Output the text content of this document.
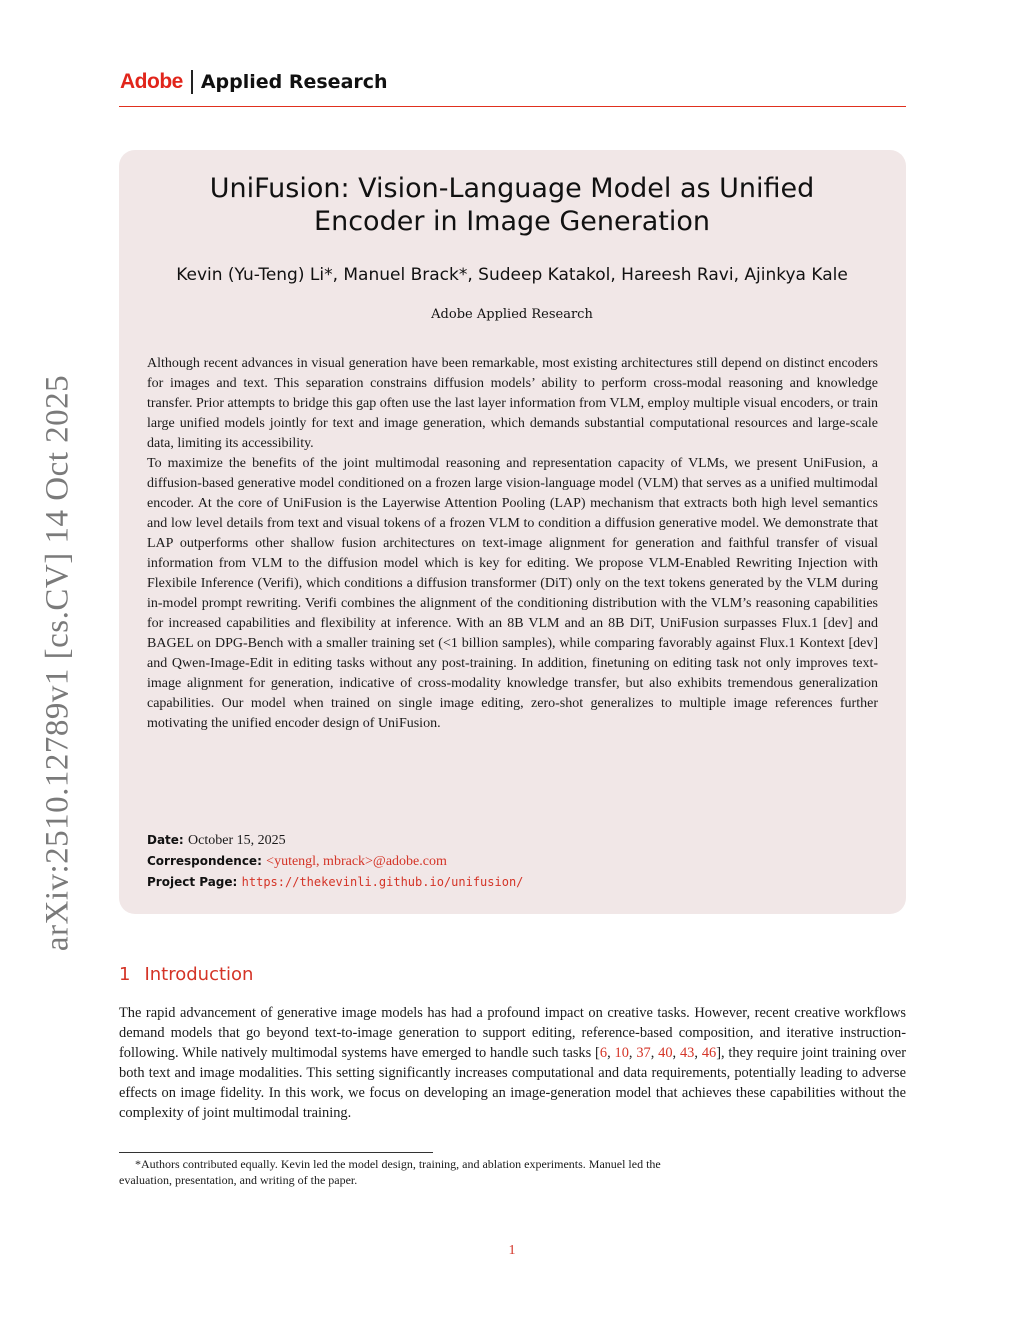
Adobe Applied Research
arXiv:2510.12789v1 [cs.CV] 14 Oct 2025
UniFusion: Vision-Language Model as Unified
Encoder in Image Generation
Kevin (Yu-Teng) Li*, Manuel Brack*, Sudeep Katakol, Hareesh Ravi, Ajinkya Kale
Adobe Applied Research

Although recent advances in visual generation have been remarkable, most existing architectures still depend on distinct encoders for images and text. This separation constrains diffusion models’ ability to perform cross-modal reasoning and knowledge transfer. Prior attempts to bridge this gap often use the last layer information from VLM, employ multiple visual encoders, or train large unified models jointly for text and image generation, which demands substantial computational resources and large-scale data, limiting its accessibility.

To maximize the benefits of the joint multimodal reasoning and representation capacity of VLMs, we present UniFusion, a diffusion-based generative model conditioned on a frozen large vision-language model (VLM) that serves as a unified multimodal encoder. At the core of UniFusion is the Layerwise Attention Pooling (LAP) mechanism that extracts both high level semantics and low level details from text and visual tokens of a frozen VLM to condition a diffusion generative model. We demonstrate that LAP outperforms other shallow fusion architectures on text-image alignment for generation and faithful transfer of visual information from VLM to the diffusion model which is key for editing. We propose VLM-Enabled Rewriting Injection with Flexibile Inference (Verifi), which conditions a diffusion transformer (DiT) only on the text tokens generated by the VLM during in-model prompt rewriting. Verifi combines the alignment of the conditioning distribution with the VLM’s reasoning capabilities for increased capabilities and flexibility at inference. With an 8B VLM and an 8B DiT, UniFusion surpasses Flux.1 [dev] and BAGEL on DPG-Bench with a smaller training set (<1 billion samples), while comparing favorably against Flux.1 Kontext [dev] and Qwen-Image-Edit in editing tasks without any post-training. In addition, finetuning on editing task not only improves text-image alignment for generation, indicative of cross-modality knowledge transfer, but also exhibits tremendous generalization capabilities. Our model when trained on single image editing, zero-shot generalizes to multiple image references further motivating the unified encoder design of UniFusion.

Date: October 15, 2025
Correspondence: <yutengl, mbrack>@adobe.com
Project Page: https://thekevinli.github.io/unifusion/
1 Introduction

The rapid advancement of generative image models has had a profound impact on creative tasks. However, recent creative workflows demand models that go beyond text-to-image generation to support editing, reference-based composition, and iterative instruction-following. While natively multimodal systems have emerged to handle such tasks [6, 10, 37, 40, 43, 46], they require joint training over both text and image modalities. This setting significantly increases computational and data requirements, potentially leading to adverse effects on image fidelity. In this work, we focus on developing an image-generation model that achieves these capabilities without the complexity of joint multimodal training.

*Authors contributed equally. Kevin led the model design, training, and ablation experiments. Manuel led the evaluation, presentation, and writing of the paper.
1
